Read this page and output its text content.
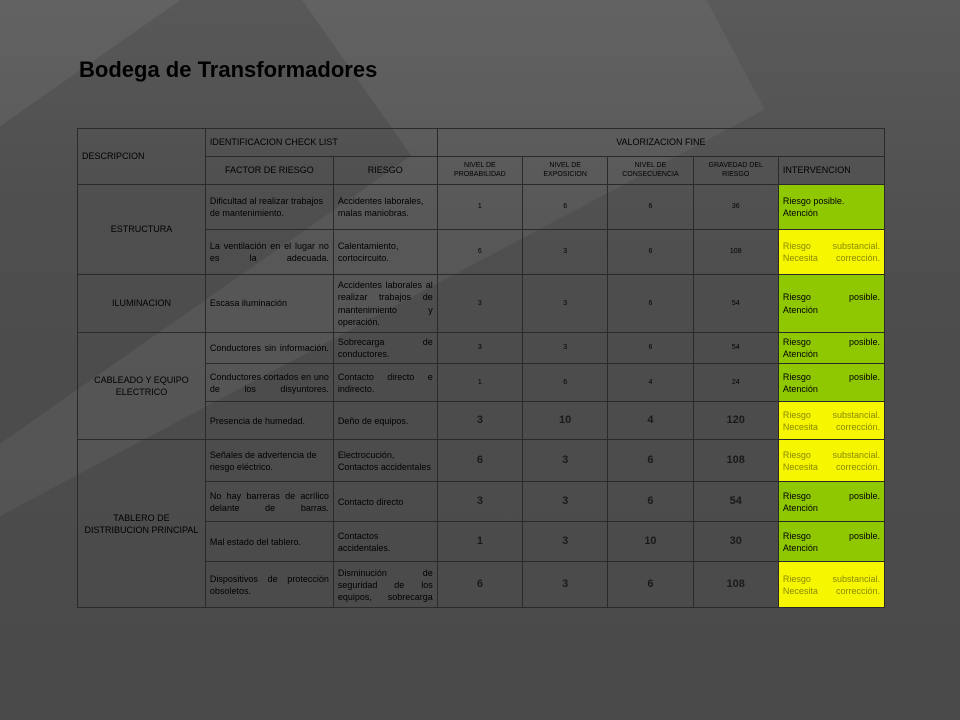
Bodega de Transformadores
DESCRIPCION	IDENTIFICACION CHECK LIST		VALORIZACION FINE				
	FACTOR DE RIESGO	RIESGO	NIVEL DE PROBABILIDAD	NIVEL DE EXPOSICION	NIVEL DE CONSECUENCIA	GRAVEDAD DEL RIESGO	INTERVENCION
ESTRUCTURA	Dificultad al realizar trabajos de mantenimiento.	Accidentes laborales, malas maniobras.	1	6	6	36	Riesgo posible. Atención
	La ventilación en el lugar no es la adecuada.	Calentamiento, cortocircuito.	6	3	6	108	Riesgo substancial. Necesita corrección.
ILUMINACION	Escasa iluminación	Accidentes laborales al realizar trabajos de mantenimiento y operación.	3	3	6	54	Riesgo posible. Atención
CABLEADO Y EQUIPO ELECTRICO	Conductores sin información.	Sobrecarga de conductores.	3	3	6	54	Riesgo posible. Atención
	Conductores cortados en uno de los disyuntores.	Contacto directo e indirecto.	1	6	4	24	Riesgo posible. Atención
	Presencia de humedad.	Deño de equipos.	3	10	4	120	Riesgo substancial. Necesita corrección.
TABLERO DE DISTRIBUCION PRINCIPAL	Señales de advertencia de riesgo eléctrico.	Electrocución, Contactos accidentales	6	3	6	108	Riesgo substancial. Necesita corrección.
	No hay barreras de acrílico delante de barras.	Contacto directo	3	3	6	54	Riesgo posible. Atención
	Mal estado del tablero.	Contactos accidentales.	1	3	10	30	Riesgo posible. Atención
	Dispositivos de protección obsoletos.	Disminución de seguridad de los equipos, sobrecarga	6	3	6	108	Riesgo substancial. Necesita corrección.
